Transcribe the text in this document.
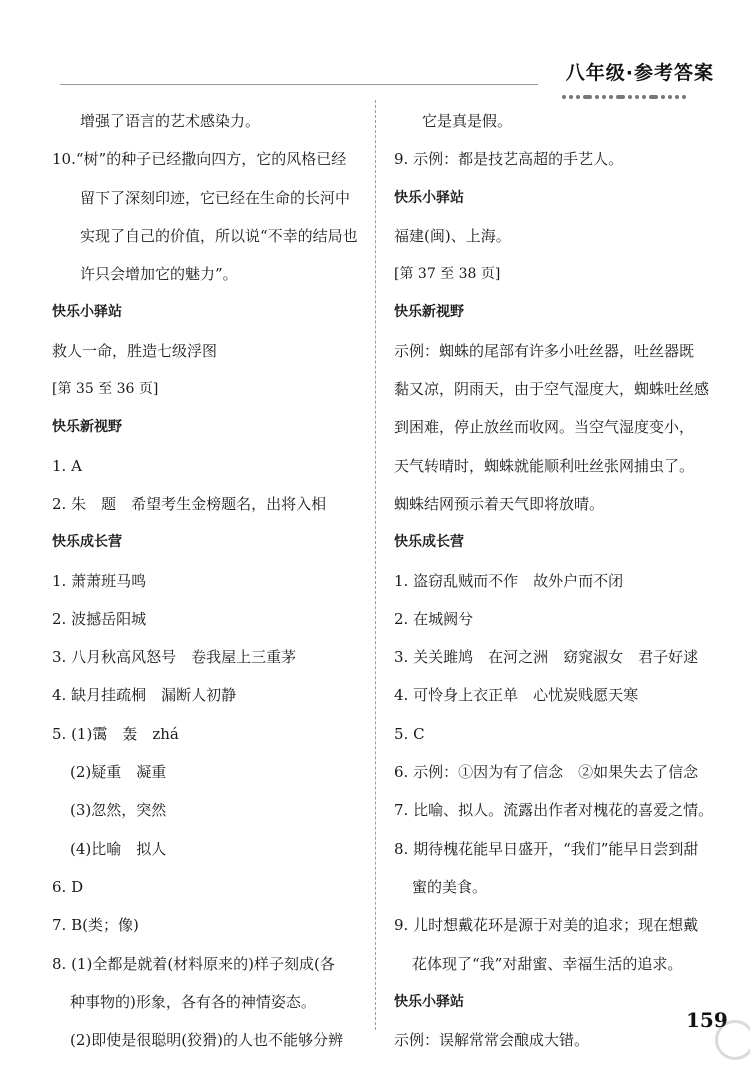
八年级·参考答案
增强了语言的艺术感染力。
10.“树”的种子已经撒向四方，它的风格已经
留下了深刻印迹，它已经在生命的长河中
实现了自己的价值，所以说“不幸的结局也
许只会增加它的魅力”。
快乐小驿站
救人一命，胜造七级浮图
[第 35 至 36 页]
快乐新视野
1. A
2. 朱　题　希望考生金榜题名，出将入相
快乐成长营
1. 萧萧班马鸣
2. 波撼岳阳城
3. 八月秋高风怒号　卷我屋上三重茅
4. 缺月挂疏桐　漏断人初静
5. (1)霭　轰　zhá
(2)疑重　凝重
(3)忽然，突然
(4)比喻　拟人
6. D
7. B(类；像)
8. (1)全都是就着(材料原来的)样子刻成(各
种事物的)形象，各有各的神情姿态。
(2)即使是很聪明(狡猾)的人也不能够分辨
它是真是假。
9. 示例：都是技艺高超的手艺人。
快乐小驿站
福建(闽)、上海。
[第 37 至 38 页]
快乐新视野
示例：蜘蛛的尾部有许多小吐丝器，吐丝器既
黏又凉，阴雨天，由于空气湿度大，蜘蛛吐丝感
到困难，停止放丝而收网。当空气湿度变小，
天气转晴时，蜘蛛就能顺利吐丝张网捕虫了。
蜘蛛结网预示着天气即将放晴。
快乐成长营
1. 盗窃乱贼而不作　故外户而不闭
2. 在城阙兮
3. 关关雎鸠　在河之洲　窈窕淑女　君子好逑
4. 可怜身上衣正单　心忧炭贱愿天寒
5. C
6. 示例：①因为有了信念　②如果失去了信念
7. 比喻、拟人。流露出作者对槐花的喜爱之情。
8. 期待槐花能早日盛开，“我们”能早日尝到甜
蜜的美食。
9. 儿时想戴花环是源于对美的追求；现在想戴
花体现了“我”对甜蜜、幸福生活的追求。
快乐小驿站
示例：误解常常会酿成大错。
159
